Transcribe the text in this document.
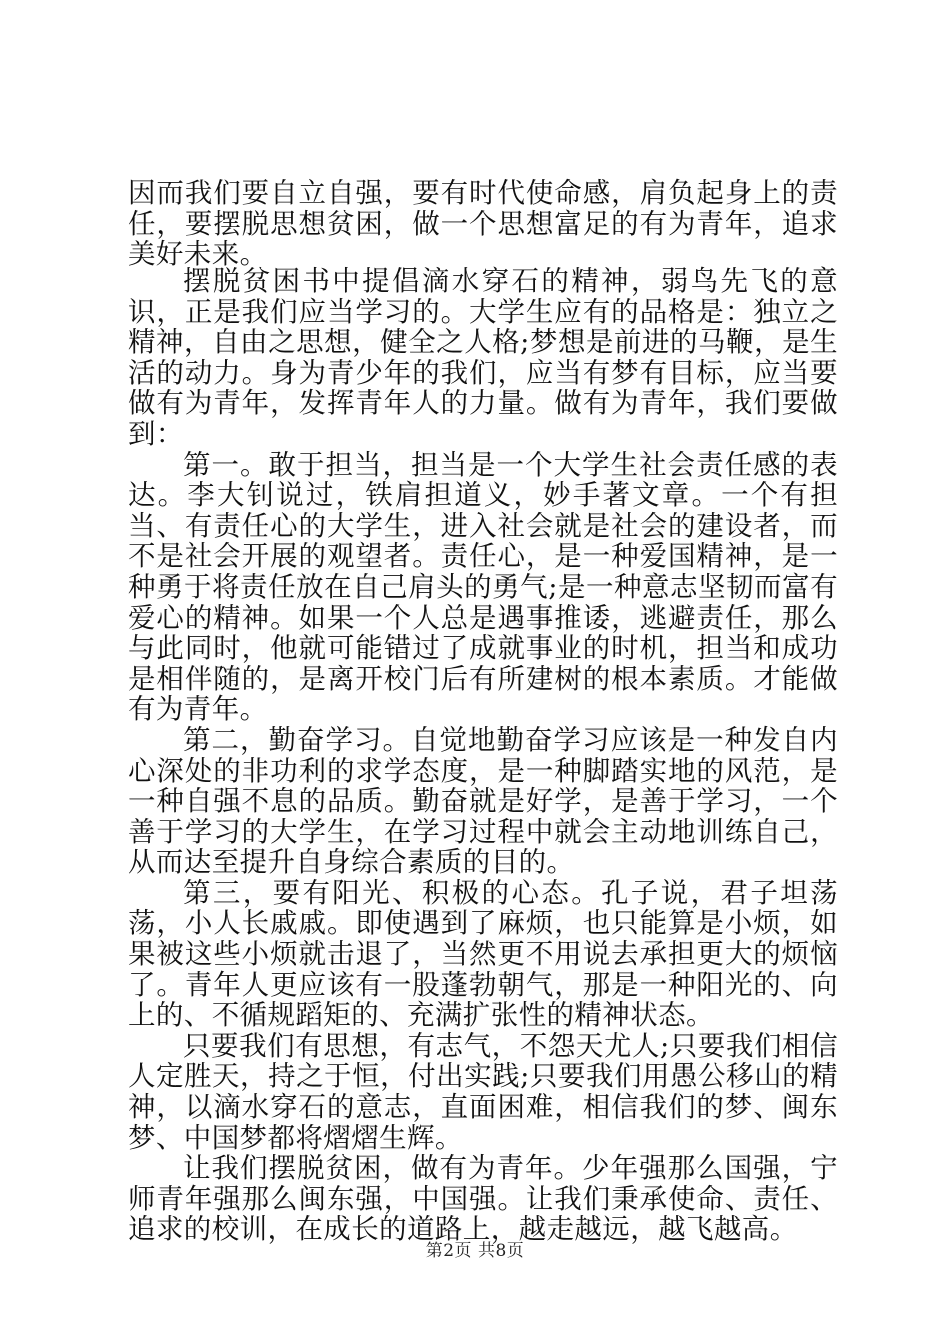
因而我们要自立自强，要有时代使命感，肩负起身上的责任，要摆脱思想贫困，做一个思想富足的有为青年，追求美好未来。

摆脱贫困书中提倡滴水穿石的精神，弱鸟先飞的意识，正是我们应当学习的。大学生应有的品格是：独立之精神，自由之思想，健全之人格;梦想是前进的马鞭，是生活的动力。身为青少年的我们，应当有梦有目标，应当要做有为青年，发挥青年人的力量。做有为青年，我们要做到：

第一。敢于担当，担当是一个大学生社会责任感的表达。李大钊说过，铁肩担道义，妙手著文章。一个有担当、有责任心的大学生，进入社会就是社会的建设者，而不是社会开展的观望者。责任心，是一种爱国精神，是一种勇于将责任放在自己肩头的勇气;是一种意志坚韧而富有爱心的精神。如果一个人总是遇事推诿，逃避责任，那么与此同时，他就可能错过了成就事业的时机，担当和成功是相伴随的，是离开校门后有所建树的根本素质。才能做有为青年。

第二，勤奋学习。自觉地勤奋学习应该是一种发自内心深处的非功利的求学态度，是一种脚踏实地的风范，是一种自强不息的品质。勤奋就是好学，是善于学习，一个善于学习的大学生，在学习过程中就会主动地训练自己，从而达至提升自身综合素质的目的。

第三，要有阳光、积极的心态。孔子说，君子坦荡荡，小人长戚戚。即使遇到了麻烦，也只能算是小烦，如果被这些小烦就击退了，当然更不用说去承担更大的烦恼了。青年人更应该有一股蓬勃朝气，那是一种阳光的、向上的、不循规蹈矩的、充满扩张性的精神状态。

只要我们有思想，有志气，不怨天尤人;只要我们相信人定胜天，持之于恒，付出实践;只要我们用愚公移山的精神，以滴水穿石的意志，直面困难，相信我们的梦、闽东梦、中国梦都将熠熠生辉。

让我们摆脱贫困，做有为青年。少年强那么国强，宁师青年强那么闽东强，中国强。让我们秉承使命、责任、追求的校训，在成长的道路上，越走越远，越飞越高。

第2页 共8页
